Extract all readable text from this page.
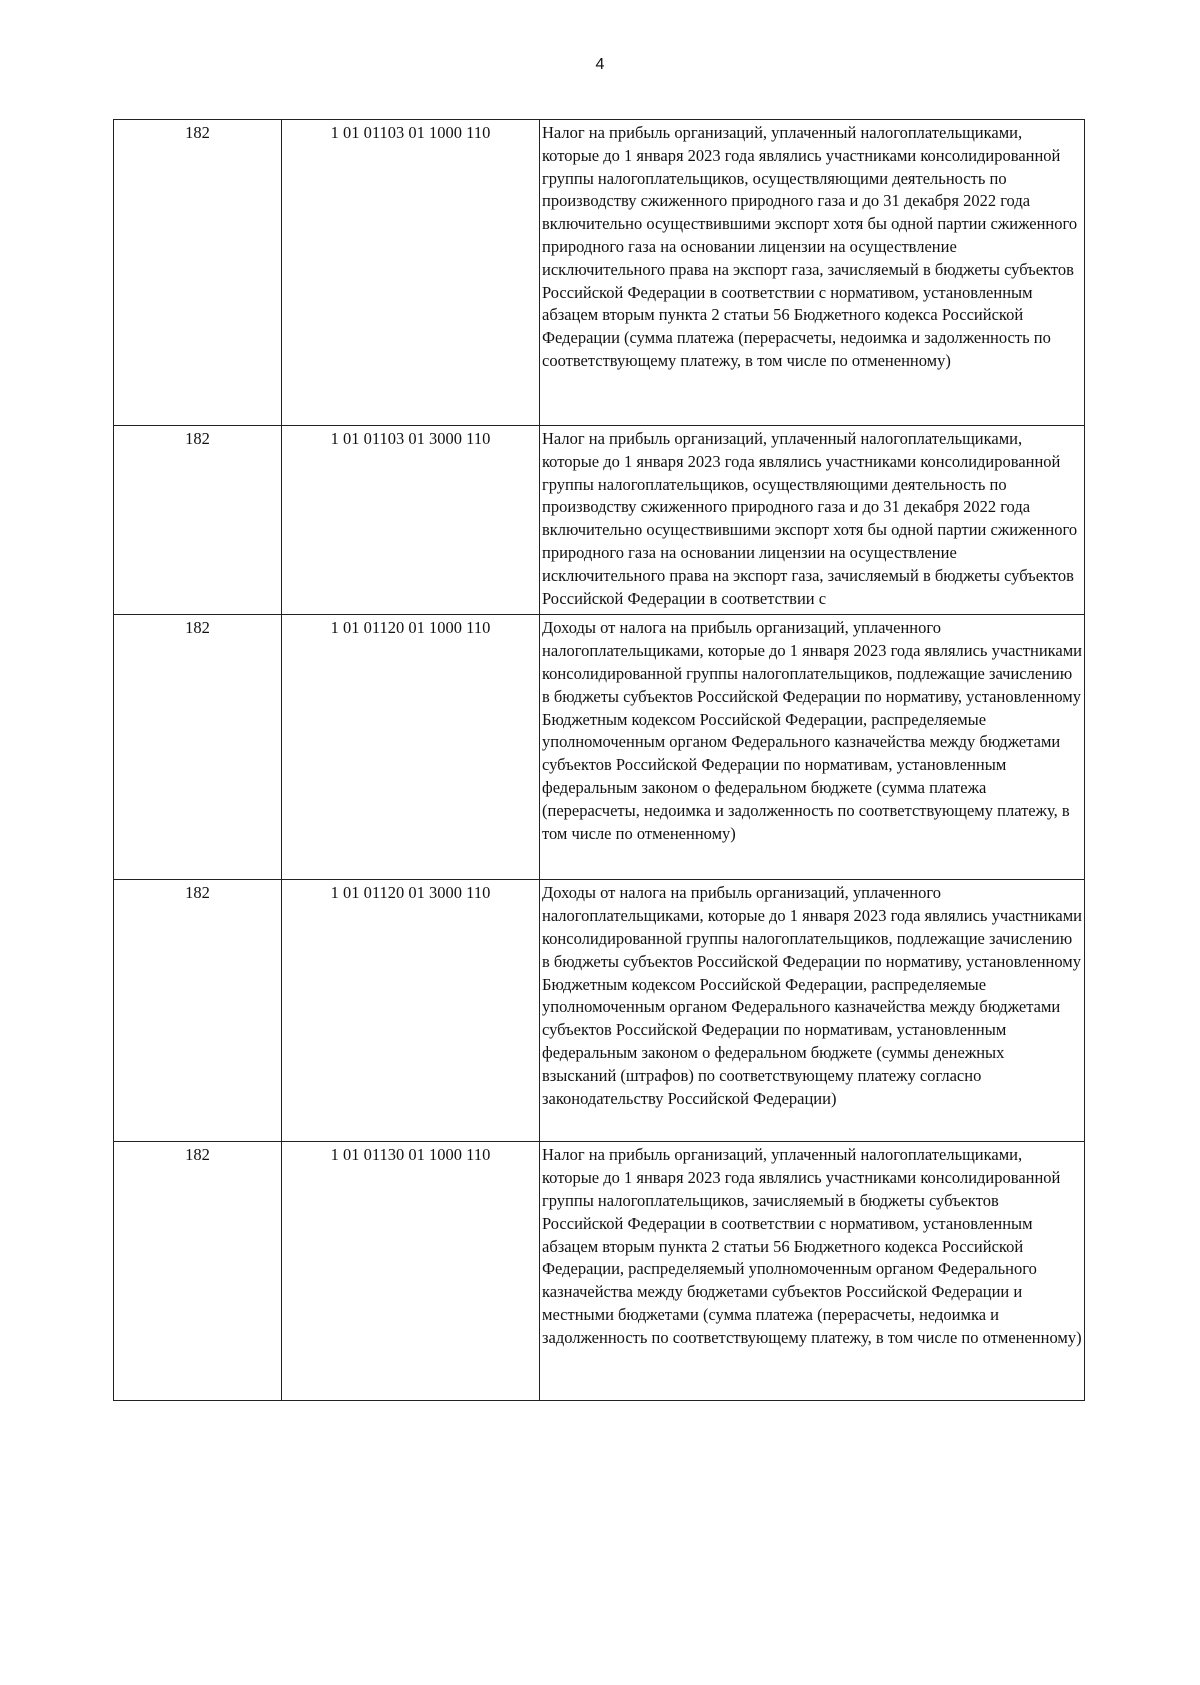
4
182	1 01 01103 01 1000 110	Налог на прибыль организаций, уплаченный налогоплательщиками, которые до 1 января 2023 года являлись участниками консолидированной группы налогоплательщиков, осуществляющими деятельность по производству сжиженного природного газа и до 31 декабря 2022 года включительно осуществившими экспорт хотя бы одной партии сжиженного природного газа на основании лицензии на осуществление исключительного права на экспорт газа, зачисляемый в бюджеты субъектов Российской Федерации в соответствии с нормативом, установленным абзацем вторым пункта 2 статьи 56 Бюджетного кодекса Российской Федерации (сумма платежа (перерасчеты, недоимка и задолженность по соответствующему платежу, в том числе по отмененному)
182	1 01 01103 01 3000 110	Налог на прибыль организаций, уплаченный налогоплательщиками, которые до 1 января 2023 года являлись участниками консолидированной группы налогоплательщиков, осуществляющими деятельность по производству сжиженного природного газа и до 31 декабря 2022 года включительно осуществившими экспорт хотя бы одной партии сжиженного природного газа на основании лицензии на осуществление исключительного права на экспорт газа, зачисляемый в бюджеты субъектов Российской Федерации в соответствии с
182	1 01 01120 01 1000 110	Доходы от налога на прибыль организаций, уплаченного налогоплательщиками, которые до 1 января 2023 года являлись участниками консолидированной группы налогоплательщиков, подлежащие зачислению в бюджеты субъектов Российской Федерации по нормативу, установленному Бюджетным кодексом Российской Федерации, распределяемые уполномоченным органом Федерального казначейства между бюджетами субъектов Российской Федерации по нормативам, установленным федеральным законом о федеральном бюджете (сумма платежа (перерасчеты, недоимка и задолженность по соответствующему платежу, в том числе по отмененному)
182	1 01 01120 01 3000 110	Доходы от налога на прибыль организаций, уплаченного налогоплательщиками, которые до 1 января 2023 года являлись участниками консолидированной группы налогоплательщиков, подлежащие зачислению в бюджеты субъектов Российской Федерации по нормативу, установленному Бюджетным кодексом Российской Федерации, распределяемые уполномоченным органом Федерального казначейства между бюджетами субъектов Российской Федерации по нормативам, установленным федеральным законом о федеральном бюджете (суммы денежных взысканий (штрафов) по соответствующему платежу согласно законодательству Российской Федерации)
182	1 01 01130 01 1000 110	Налог на прибыль организаций, уплаченный налогоплательщиками, которые до 1 января 2023 года являлись участниками консолидированной группы налогоплательщиков, зачисляемый в бюджеты субъектов Российской Федерации в соответствии с нормативом, установленным абзацем вторым пункта 2 статьи 56 Бюджетного кодекса Российской Федерации, распределяемый уполномоченным органом Федерального казначейства между бюджетами субъектов Российской Федерации и местными бюджетами (сумма платежа (перерасчеты, недоимка и задолженность по соответствующему платежу, в том числе по отмененному)
